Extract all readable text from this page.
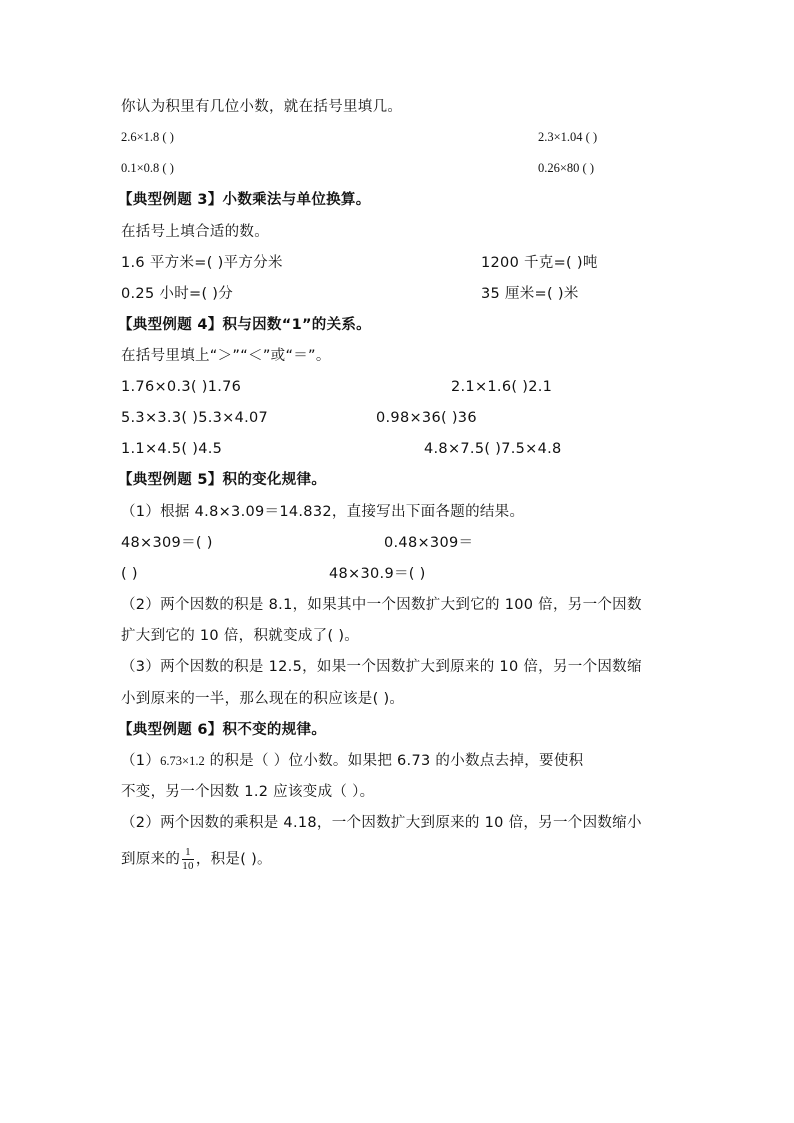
你认为积里有几位小数，就在括号里填几。
2.6×1.8 ( )	2.3×1.04 ( )
0.1×0.8 ( )	0.26×80 ( )
【典型例题 3】小数乘法与单位换算。
在括号上填合适的数。
1.6 平方米=( )平方分米	1200 千克=( )吨
0.25 小时=( )分	35 厘米=( )米
【典型例题 4】积与因数“1”的关系。
在括号里填上“＞”“＜”或“＝”。
1.76×0.3( )1.76	2.1×1.6( )2.1
5.3×3.3( )5.3×4.07	0.98×36( )36
1.1×4.5( )4.5	4.8×7.5( )7.5×4.8
【典型例题 5】积的变化规律。
（1）根据 4.8×3.09＝14.832，直接写出下面各题的结果。
48×309＝( )	0.48×309＝
( )	48×30.9＝( )
（2）两个因数的积是 8.1，如果其中一个因数扩大到它的 100 倍，另一个因数
扩大到它的 10 倍，积就变成了( )。
（3）两个因数的积是 12.5，如果一个因数扩大到原来的 10 倍，另一个因数缩
小到原来的一半，那么现在的积应该是( )。
【典型例题 6】积不变的规律。
（1）6.73×1.2 的积是（ ）位小数。如果把 6.73 的小数点去掉，要使积
不变，另一个因数 1.2 应该变成（ ）。
（2）两个因数的乘积是 4.18，一个因数扩大到原来的 10 倍，另一个因数缩小
到原来的 $\frac{1}{10}$ ，积是( )。
